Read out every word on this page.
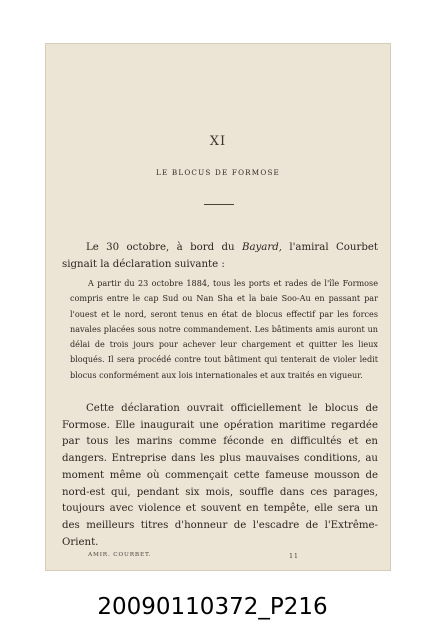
XI
LE BLOCUS DE FORMOSE

Le 30 octobre, à bord du Bayard, l'amiral Courbet signait la déclaration suivante :

A partir du 23 octobre 1884, tous les ports et rades de l'île Formose compris entre le cap Sud ou Nan Sha et la baie Soo-Au en passant par l'ouest et le nord, seront tenus en état de blocus effectif par les forces navales placées sous notre commandement. Les bâtiments amis auront un délai de trois jours pour achever leur chargement et quitter les lieux bloqués. Il sera procédé contre tout bâtiment qui tenterait de violer ledit blocus conformément aux lois internationales et aux traités en vigueur.

Cette déclaration ouvrait officiellement le blocus de Formose. Elle inaugurait une opération maritime regardée par tous les marins comme féconde en difficultés et en dangers. Entreprise dans les plus mauvaises conditions, au moment même où commençait cette fameuse mousson de nord-est qui, pendant six mois, souffle dans ces parages, toujours avec violence et souvent en tempête, elle sera un des meilleurs titres d'honneur de l'escadre de l'Extrême-Orient.

AMIR. COURBET.	11
20090110372_P216
